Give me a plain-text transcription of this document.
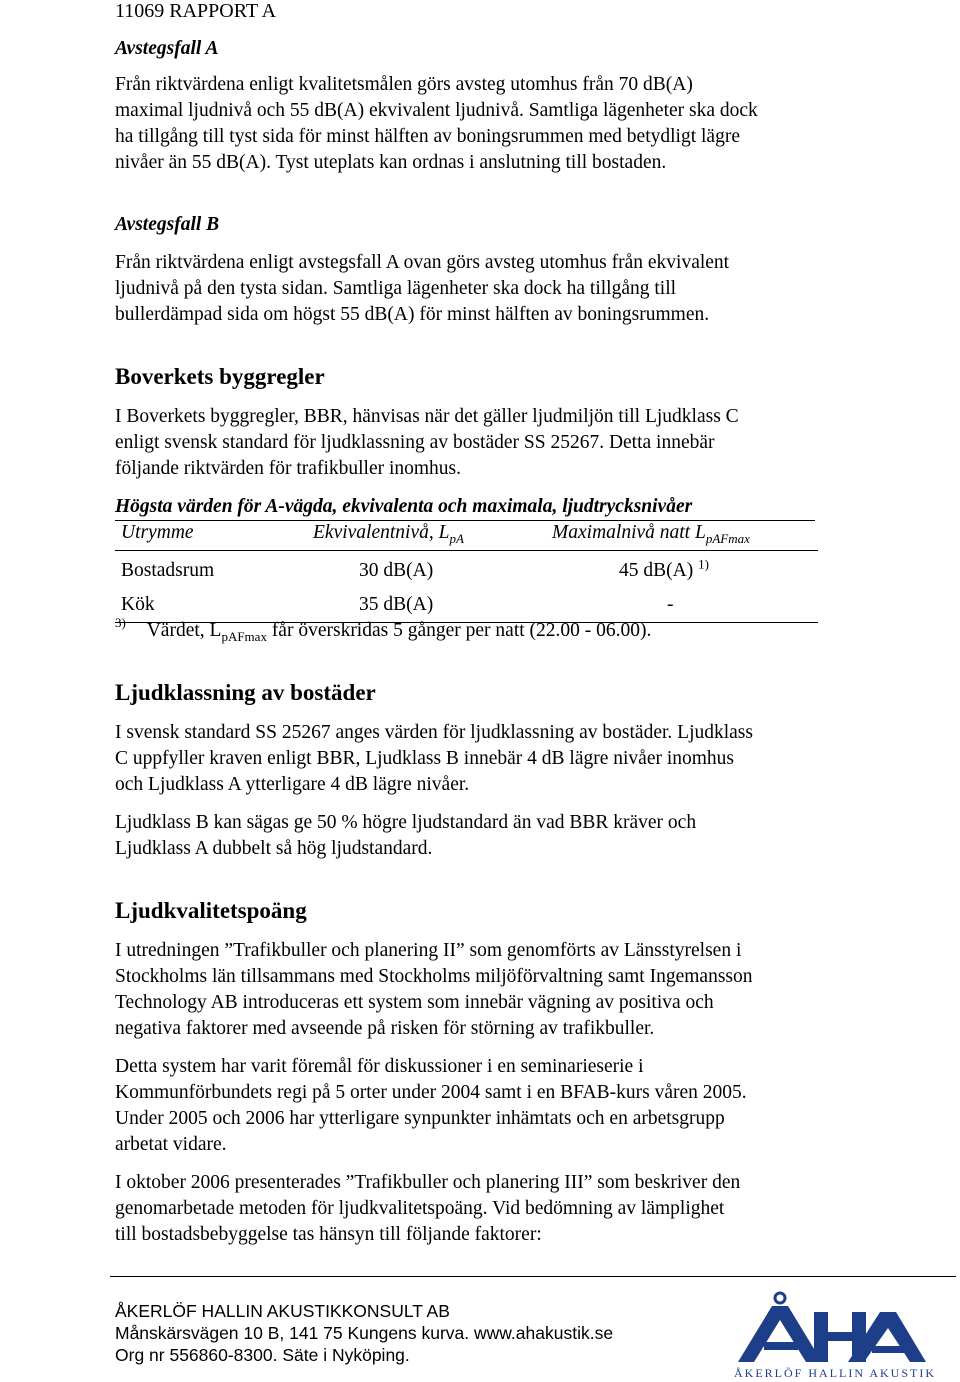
11069 RAPPORT A
Avstegsfall A
Från riktvärdena enligt kvalitetsmålen görs avsteg utomhus från 70 dB(A)
maximal ljudnivå och 55 dB(A) ekvivalent ljudnivå. Samtliga lägenheter ska dock
ha tillgång till tyst sida för minst hälften av boningsrummen med betydligt lägre
nivåer än 55 dB(A). Tyst uteplats kan ordnas i anslutning till bostaden.
Avstegsfall B
Från riktvärdena enligt avstegsfall A ovan görs avsteg utomhus från ekvivalent
ljudnivå på den tysta sidan. Samtliga lägenheter ska dock ha tillgång till
bullerdämpad sida om högst 55 dB(A) för minst hälften av boningsrummen.
Boverkets byggregler
I Boverkets byggregler, BBR, hänvisas när det gäller ljudmiljön till Ljudklass C
enligt svensk standard för ljudklassning av bostäder SS 25267. Detta innebär
följande riktvärden för trafikbuller inomhus.
Högsta värden för A-vägda, ekvivalenta och maximala, ljudtrycksnivåer
Utrymme	Ekvivalentnivå, $L_{pA}$	Maximalnivå natt $L_{pAFmax}$
Bostadsrum	30 dB(A)	45 dB(A) $^{1)}$
Kök	35 dB(A)	-
$^{3)}$ Värdet, $L_{pAFmax}$ får överskridas 5 gånger per natt (22.00 - 06.00).
Ljudklassning av bostäder
I svensk standard SS 25267 anges värden för ljudklassning av bostäder. Ljudklass
C uppfyller kraven enligt BBR, Ljudklass B innebär 4 dB lägre nivåer inomhus
och Ljudklass A ytterligare 4 dB lägre nivåer.
Ljudklass B kan sägas ge 50 % högre ljudstandard än vad BBR kräver och
Ljudklass A dubbelt så hög ljudstandard.
Ljudkvalitetspoäng
I utredningen ”Trafikbuller och planering II” som genomförts av Länsstyrelsen i
Stockholms län tillsammans med Stockholms miljöförvaltning samt Ingemansson
Technology AB introduceras ett system som innebär vägning av positiva och
negativa faktorer med avseende på risken för störning av trafikbuller.
Detta system har varit föremål för diskussioner i en seminarieserie i
Kommunförbundets regi på 5 orter under 2004 samt i en BFAB-kurs våren 2005.
Under 2005 och 2006 har ytterligare synpunkter inhämtats och en arbetsgrupp
arbetat vidare.
I oktober 2006 presenterades ”Trafikbuller och planering III” som beskriver den
genomarbetade metoden för ljudkvalitetspoäng. Vid bedömning av lämplighet
till bostadsbebyggelse tas hänsyn till följande faktorer:
ÅKERLÖF HALLIN AKUSTIKKONSULT AB
Månskärsvägen 10 B, 141 75 Kungens kurva. www.ahakustik.se
Org nr 556860-8300. Säte i Nyköping.
ÅKERLÖF HALLIN AKUSTIK
